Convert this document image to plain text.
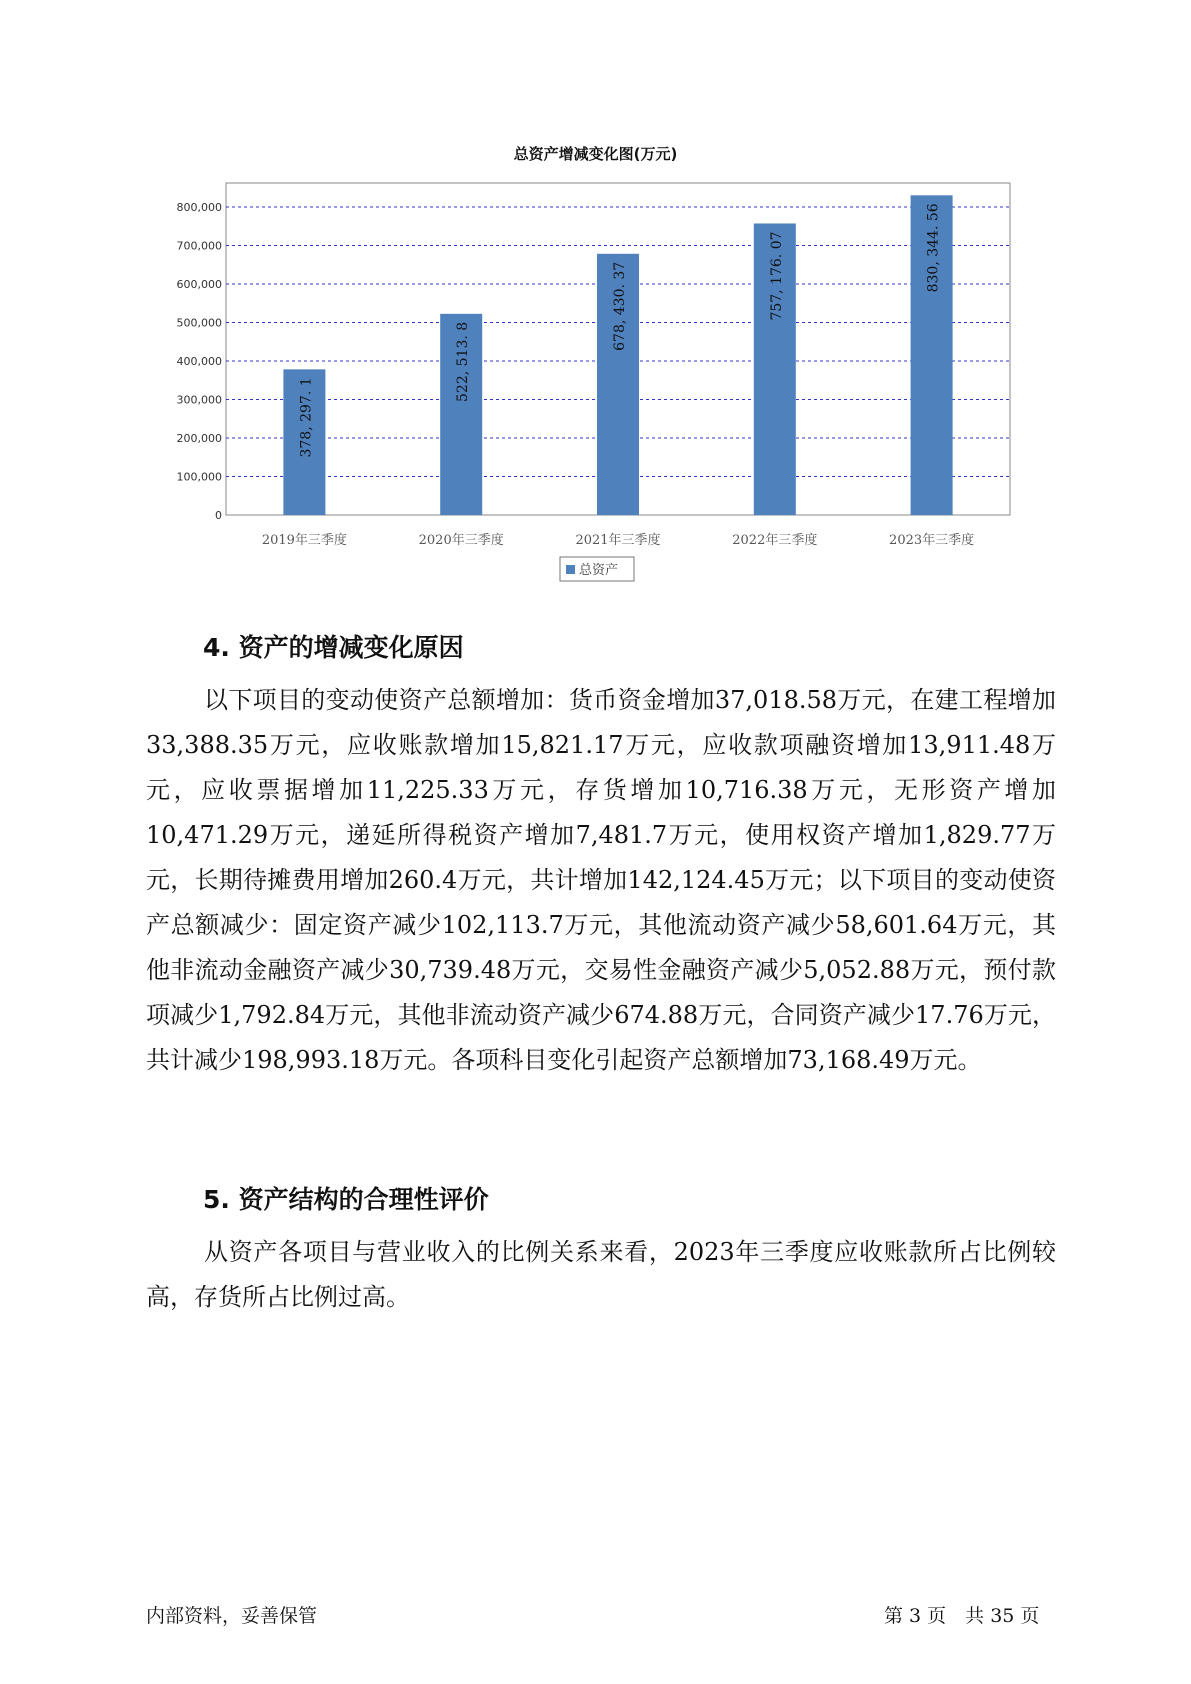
总资产增减变化图(万元)
0
100,000
200,000
300,000
400,000
500,000
600,000
700,000
800,000
378, 297. 1
2019年三季度
522, 513. 8
2020年三季度
678, 430. 37
2021年三季度
757, 176. 07
2022年三季度
830, 344. 56
2023年三季度
总资产
4. 资产的增减变化原因

以下项目的变动使资产总额增加：货币资金增加37,018.58万元，在建工程增加33,388.35万元，应收账款增加15,821.17万元，应收款项融资增加13,911.48万元，应收票据增加11,225.33万元，存货增加10,716.38万元，无形资产增加10,471.29万元，递延所得税资产增加7,481.7万元，使用权资产增加1,829.77万元，长期待摊费用增加260.4万元，共计增加142,124.45万元；以下项目的变动使资产总额减少：固定资产减少102,113.7万元，其他流动资产减少58,601.64万元，其他非流动金融资产减少30,739.48万元，交易性金融资产减少5,052.88万元，预付款项减少1,792.84万元，其他非流动资产减少674.88万元，合同资产减少17.76万元，共计减少198,993.18万元。各项科目变化引起资产总额增加73,168.49万元。

5. 资产结构的合理性评价

从资产各项目与营业收入的比例关系来看，2023年三季度应收账款所占比例较高，存货所占比例过高。

内部资料，妥善保管	第 3 页　共 35 页
